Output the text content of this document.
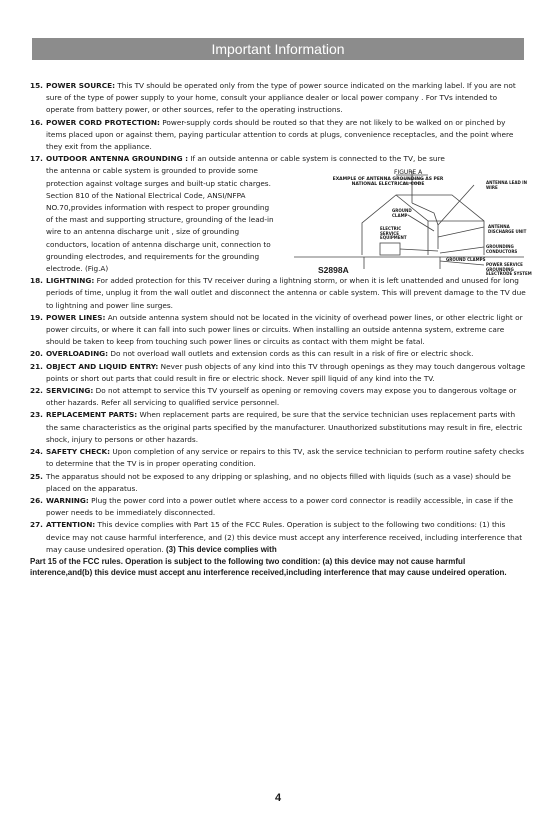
Important Information
15. POWER SOURCE: This TV should be operated only from the type of power source indicated on the marking label. If you are not sure of the type of power supply to your home, consult your appliance dealer or local power company . For TVs intended to operate from battery power, or other sources, refer to the operating instructions.
16. POWER CORD PROTECTION: Power-supply cords should be routed so that they are not likely to be walked on or pinched by items placed upon or against them, paying particular attention to cords at plugs, convenience receptacles, and the point where they exit from the appliance.
17. OUTDOOR ANTENNA GROUNDING : If an outside antenna or cable system is connected to the TV, be sure
the antenna or cable system is grounded to provide some protection against voltage surges and built-up static charges. Section 810 of the National Electrical Code, ANSI/NFPA NO.70,provides information with respect to proper grounding of the mast and supporting structure, grounding of the lead-in wire to an antenna discharge unit , size of grounding conductors, location of antenna discharge unit, connection to grounding electrodes, and requirements for the grounding electrode. (Fig.A)
FIGURE A
EXAMPLE OF ANTENNA GROUNDING AS PER NATIONAL ELECTRICAL CODE	ANTENNA LEAD IN WIRE
GROUND CLAMP
ANTENNA DISCHARGE UNIT
ELECTRIC SERVICE EQUIPMENT
GROUNDING CONDUCTORS
GROUND CLAMPS
POWER SERVICE GROUNDING ELECTRODE SYSTEM
S2898A
18. LIGHTNING: For added protection for this TV receiver during a lightning storm, or when it is left unattended and unused for long periods of time, unplug it from the wall outlet and disconnect the antenna or cable system. This will prevent damage to the TV due to lightning and power line surges.
19. POWER LINES: An outside antenna system should not be located in the vicinity of overhead power lines, or other electric light or power circuits, or where it can fall into such power lines or circuits. When installing an outside antenna system, extreme care should be taken to keep from touching such power lines or circuits as contact with them might be fatal.
20. OVERLOADING: Do not overload wall outlets and extension cords as this can result in a risk of fire or electric shock.
21. OBJECT AND LIQUID ENTRY: Never push objects of any kind into this TV through openings as they may touch dangerous voltage points or short out parts that could result in fire or electric shock. Never spill liquid of any kind into the TV.
22. SERVICING: Do not attempt to service this TV yourself as opening or removing covers may expose you to dangerous voltage or other hazards. Refer all servicing to qualified service personnel.
23. REPLACEMENT PARTS: When replacement parts are required, be sure that the service technician uses replacement parts with the same characteristics as the original parts specified by the manufacturer. Unauthorized substitutions may result in fire, electric shock, injury to persons or other hazards.
24. SAFETY CHECK: Upon completion of any service or repairs to this TV, ask the service technician to perform routine safety checks to determine that the TV is in proper operating condition.
25. The apparatus should not be exposed to any dripping or splashing, and no objects filled with liquids (such as a vase) should be placed on the apparatus.
26. WARNING: Plug the power cord into a power outlet where access to a power cord connector is readily accessible, in case if the power needs to be immediately disconnected.
27. ATTENTION: This device complies with Part 15 of the FCC Rules. Operation is subject to the following two conditions: (1) this device may not cause harmful interference, and (2) this device must accept any interference received, including interference that may cause undesired operation. (3) This device complies with
Part 15 of the FCC rules. Operation is subject to the following two condition: (a) this device may not cause harmful interence,and(b) this device must accept anu interference received,including interference that may cause undeired operation.
4
